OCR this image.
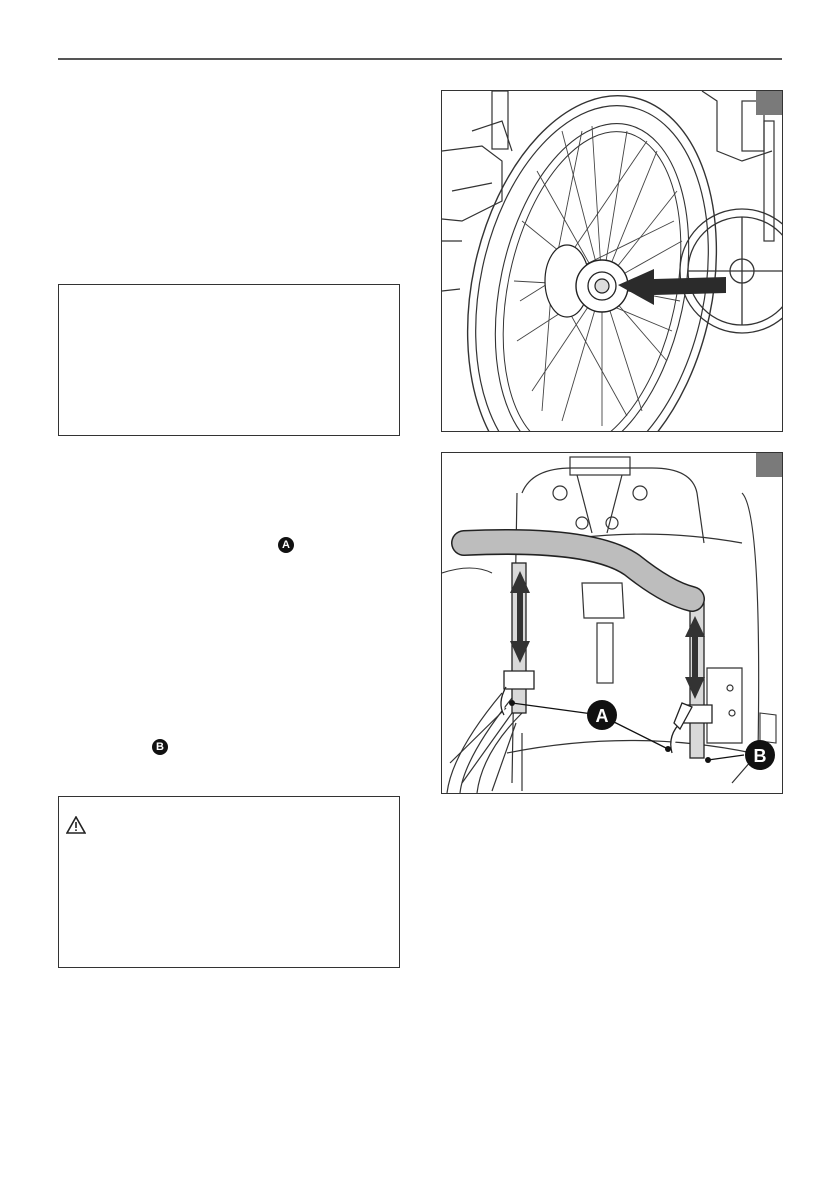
A
B
A
B
